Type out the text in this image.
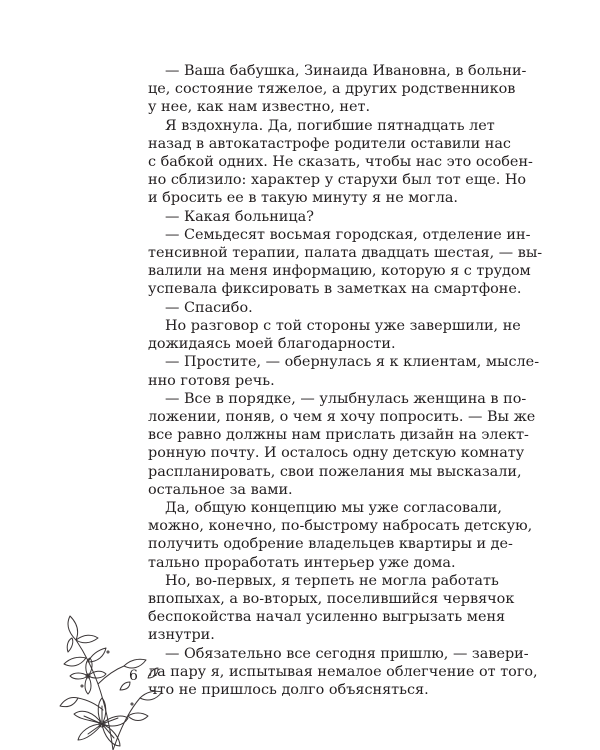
— Ваша бабушка, Зинаида Ивановна, в больни-
це, состояние тяжелое, а других родственников
у нее, как нам известно, нет.
Я вздохнула. Да, погибшие пятнадцать лет
назад в автокатастрофе родители оставили нас
с бабкой одних. Не сказать, чтобы нас это особен-
но сблизило: характер у старухи был тот еще. Но
и бросить ее в такую минуту я не могла.
— Какая больница?
— Семьдесят восьмая городская, отделение ин-
тенсивной терапии, палата двадцать шестая, — вы-
валили на меня информацию, которую я с трудом
успевала фиксировать в заметках на смартфоне.
— Спасибо.
Но разговор с той стороны уже завершили, не
дожидаясь моей благодарности.
— Простите, — обернулась я к клиентам, мысле-
нно готовя речь.
— Все в порядке, — улыбнулась женщина в по-
ложении, поняв, о чем я хочу попросить. — Вы же
все равно должны нам прислать дизайн на элект-
ронную почту. И осталось одну детскую комнату
распланировать, свои пожелания мы высказали,
остальное за вами.
Да, общую концепцию мы уже согласовали,
можно, конечно, по-быстрому набросать детскую,
получить одобрение владельцев квартиры и де-
тально проработать интерьер уже дома.
Но, во-первых, я терпеть не могла работать
впопыхах, а во-вторых, поселившийся червячок
беспокойства начал усиленно выгрызать меня
изнутри.
— Обязательно все сегодня пришлю, — завери-
ла пару я, испытывая немалое облегчение от того,
что не пришлось долго объясняться.
6
